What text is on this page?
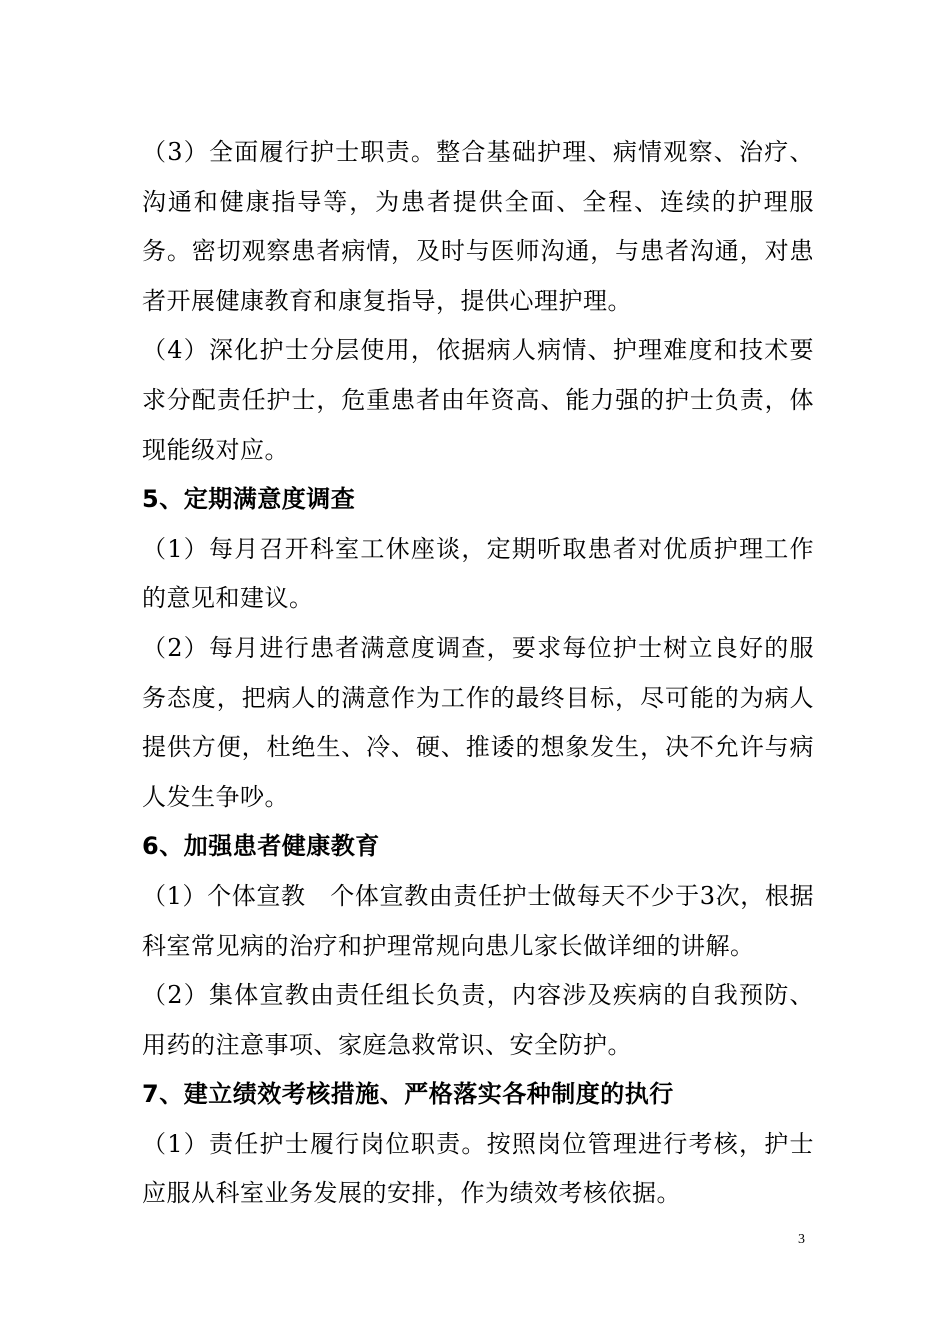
（3）全面履行护士职责。整合基础护理、病情观察、治疗、沟通和健康指导等，为患者提供全面、全程、连续的护理服务。密切观察患者病情，及时与医师沟通，与患者沟通，对患者开展健康教育和康复指导，提供心理护理。

（4）深化护士分层使用，依据病人病情、护理难度和技术要求分配责任护士，危重患者由年资高、能力强的护士负责，体现能级对应。

5、定期满意度调查

（1）每月召开科室工休座谈，定期听取患者对优质护理工作的意见和建议。

（2）每月进行患者满意度调查，要求每位护士树立良好的服务态度，把病人的满意作为工作的最终目标，尽可能的为病人提供方便，杜绝生、冷、硬、推诿的想象发生，决不允许与病人发生争吵。

6、加强患者健康教育

（1）个体宣教　个体宣教由责任护士做每天不少于3次，根据科室常见病的治疗和护理常规向患儿家长做详细的讲解。

（2）集体宣教由责任组长负责，内容涉及疾病的自我预防、用药的注意事项、家庭急救常识、安全防护。

7、建立绩效考核措施、严格落实各种制度的执行

（1）责任护士履行岗位职责。按照岗位管理进行考核，护士应服从科室业务发展的安排，作为绩效考核依据。

3
